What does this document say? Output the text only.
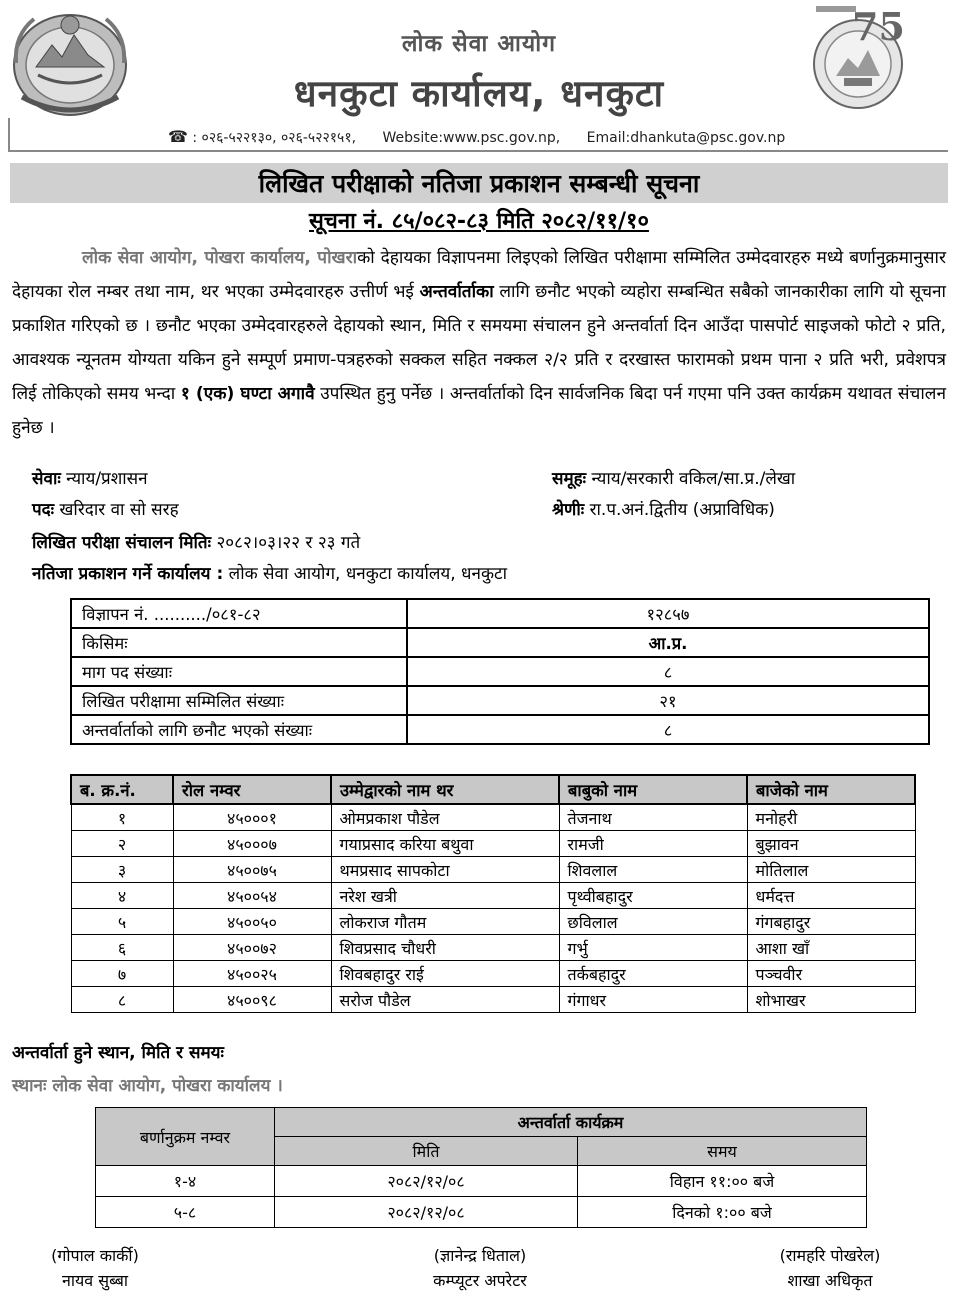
75
लोक सेवा आयोग
धनकुटा कार्यालय, धनकुटा
☎ : ०२६-५२२१३०, ०२६-५२२१५१, Website:www.psc.gov.np, Email:dhankuta@psc.gov.np
लिखित परीक्षाको नतिजा प्रकाशन सम्बन्धी सूचना
सूचना नं. ८५/०८२-८३ मिति २०८२/११/१०
लोक सेवा आयोग, पोखरा कार्यालय, पोखराको देहायका विज्ञापनमा लिइएको लिखित परीक्षामा सम्मिलित उम्मेदवारहरु मध्ये बर्णानुक्रमानुसार देहायका रोल नम्बर तथा नाम, थर भएका उम्मेदवारहरु उत्तीर्ण भई अन्तर्वार्ताका लागि छनौट भएको व्यहोरा सम्बन्धित सबैको जानकारीका लागि यो सूचना प्रकाशित गरिएको छ । छनौट भएका उम्मेदवारहरुले देहायको स्थान, मिति र समयमा संचालन हुने अन्तर्वार्ता दिन आउँदा पासपोर्ट साइजको फोटो २ प्रति, आवश्यक न्यूनतम योग्यता यकिन हुने सम्पूर्ण प्रमाण-पत्रहरुको सक्कल सहित नक्कल २/२ प्रति र दरखास्त फारामको प्रथम पाना २ प्रति भरी, प्रवेशपत्र लिई तोकिएको समय भन्दा १ (एक) घण्टा अगावै उपस्थित हुनु पर्नेछ । अन्तर्वार्ताको दिन सार्वजनिक बिदा पर्न गएमा पनि उक्त कार्यक्रम यथावत संचालन हुनेछ ।
सेवाः न्याय/प्रशासन	समूहः न्याय/सरकारी वकिल/सा.प्र./लेखा
पदः खरिदार वा सो सरह	श्रेणीः रा.प.अनं.द्वितीय (अप्राविधिक)
लिखित परीक्षा संचालन मितिः २०८२।०३।२२ र २३ गते
नतिजा प्रकाशन गर्ने कार्यालय : लोक सेवा आयोग, धनकुटा कार्यालय, धनकुटा
विज्ञापन नं. ........../०८१-८२	१२८५७
किसिमः	आ.प्र.
माग पद संख्याः	८
लिखित परीक्षामा सम्मिलित संख्याः	२१
अन्तर्वार्ताको लागि छनौट भएको संख्याः	८
ब. क्र.नं.	रोल नम्वर	उम्मेद्वारको नाम थर	बाबुको नाम	बाजेको नाम
१	४५०००१	ओमप्रकाश पौडेल	तेजनाथ	मनोहरी
२	४५०००७	गयाप्रसाद करिया बथुवा	रामजी	बुझावन
३	४५००७५	थमप्रसाद सापकोटा	शिवलाल	मोतिलाल
४	४५००५४	नरेश खत्री	पृथ्वीबहादुर	धर्मदत्त
५	४५००५०	लोकराज गौतम	छविलाल	गंगबहादुर
६	४५००७२	शिवप्रसाद चौधरी	गर्भु	आशा खाँ
७	४५००२५	शिवबहादुर राई	तर्कबहादुर	पञ्चवीर
८	४५००९८	सरोज पौडेल	गंगाधर	शोभाखर
अन्तर्वार्ता हुने स्थान, मिति र समयः
स्थानः लोक सेवा आयोग, पोखरा कार्यालय ।
बर्णानुक्रम नम्वर	अन्तर्वार्ता कार्यक्रम	
	मिति	समय
१-४	२०८२/१२/०८	विहान ११:०० बजे
५-८	२०८२/१२/०८	दिनको १:०० बजे
(गोपाल कार्की)
नायव सुब्बा
(ज्ञानेन्द्र धिताल)
कम्प्यूटर अपरेटर
(रामहरि पोखरेल)
शाखा अधिकृत
